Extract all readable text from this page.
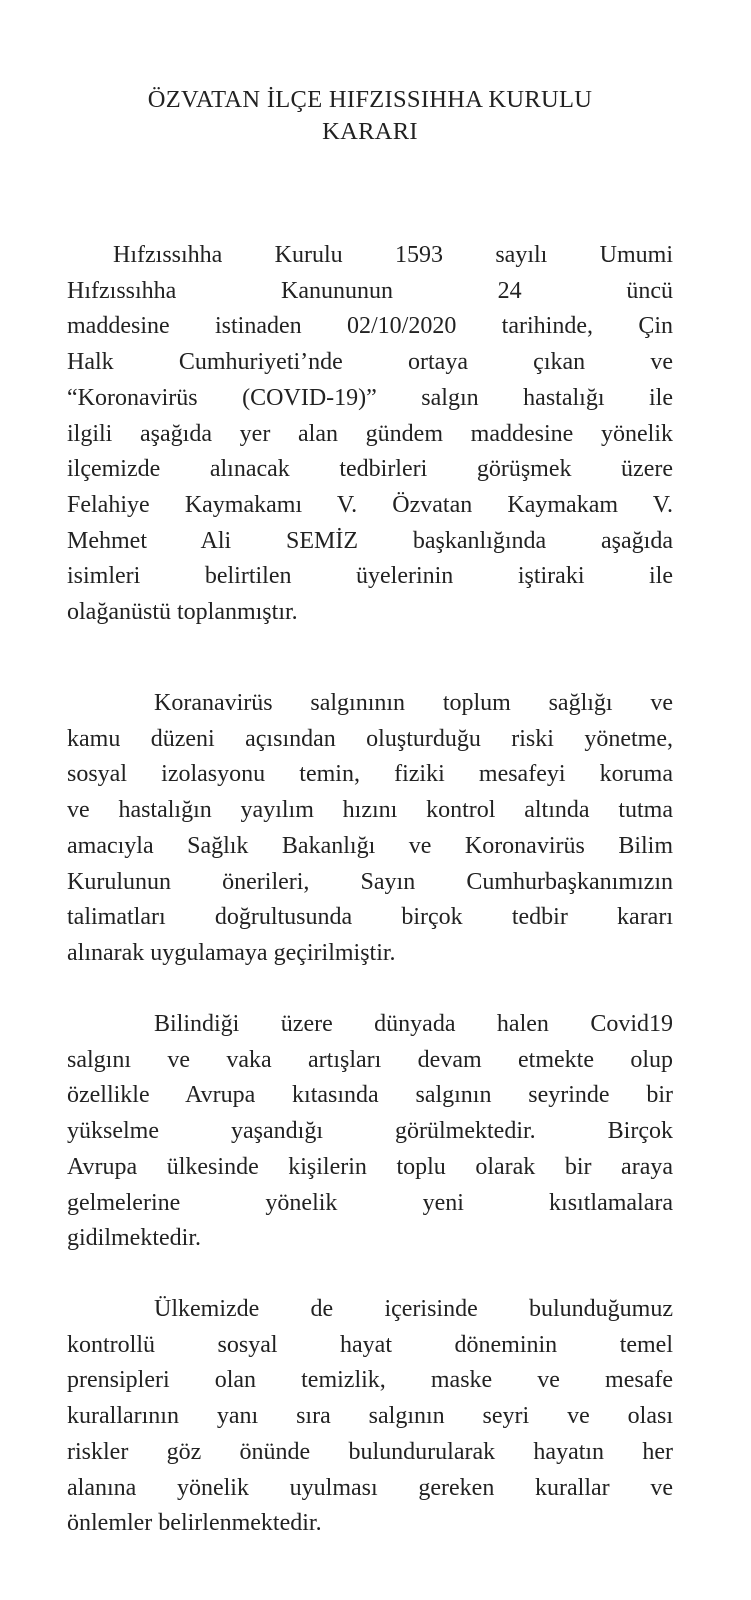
ÖZVATAN İLÇE HIFZISSIHHA KURULU
KARARI
Hıfzıssıhha Kurulu 1593 sayılı Umumi
Hıfzıssıhha Kanununun 24 üncü
maddesine istinaden 02/10/2020 tarihinde, Çin
Halk Cumhuriyeti’nde ortaya çıkan ve
“Koronavirüs (COVID-19)” salgın hastalığı ile
ilgili aşağıda yer alan gündem maddesine yönelik
ilçemizde alınacak tedbirleri görüşmek üzere
Felahiye Kaymakamı V. Özvatan Kaymakam V.
Mehmet Ali SEMİZ başkanlığında aşağıda
isimleri belirtilen üyelerinin iştiraki ile
olağanüstü toplanmıştır.
Koranavirüs salgınının toplum sağlığı ve
kamu düzeni açısından oluşturduğu riski yönetme,
sosyal izolasyonu temin, fiziki mesafeyi koruma
ve hastalığın yayılım hızını kontrol altında tutma
amacıyla Sağlık Bakanlığı ve Koronavirüs Bilim
Kurulunun önerileri, Sayın Cumhurbaşkanımızın
talimatları doğrultusunda birçok tedbir kararı
alınarak uygulamaya geçirilmiştir.
Bilindiği üzere dünyada halen Covid19
salgını ve vaka artışları devam etmekte olup
özellikle Avrupa kıtasında salgının seyrinde bir
yükselme yaşandığı görülmektedir. Birçok
Avrupa ülkesinde kişilerin toplu olarak bir araya
gelmelerine yönelik yeni kısıtlamalara
gidilmektedir.
Ülkemizde de içerisinde bulunduğumuz
kontrollü sosyal hayat döneminin temel
prensipleri olan temizlik, maske ve mesafe
kurallarının yanı sıra salgının seyri ve olası
riskler göz önünde bulundurularak hayatın her
alanına yönelik uyulması gereken kurallar ve
önlemler belirlenmektedir.
